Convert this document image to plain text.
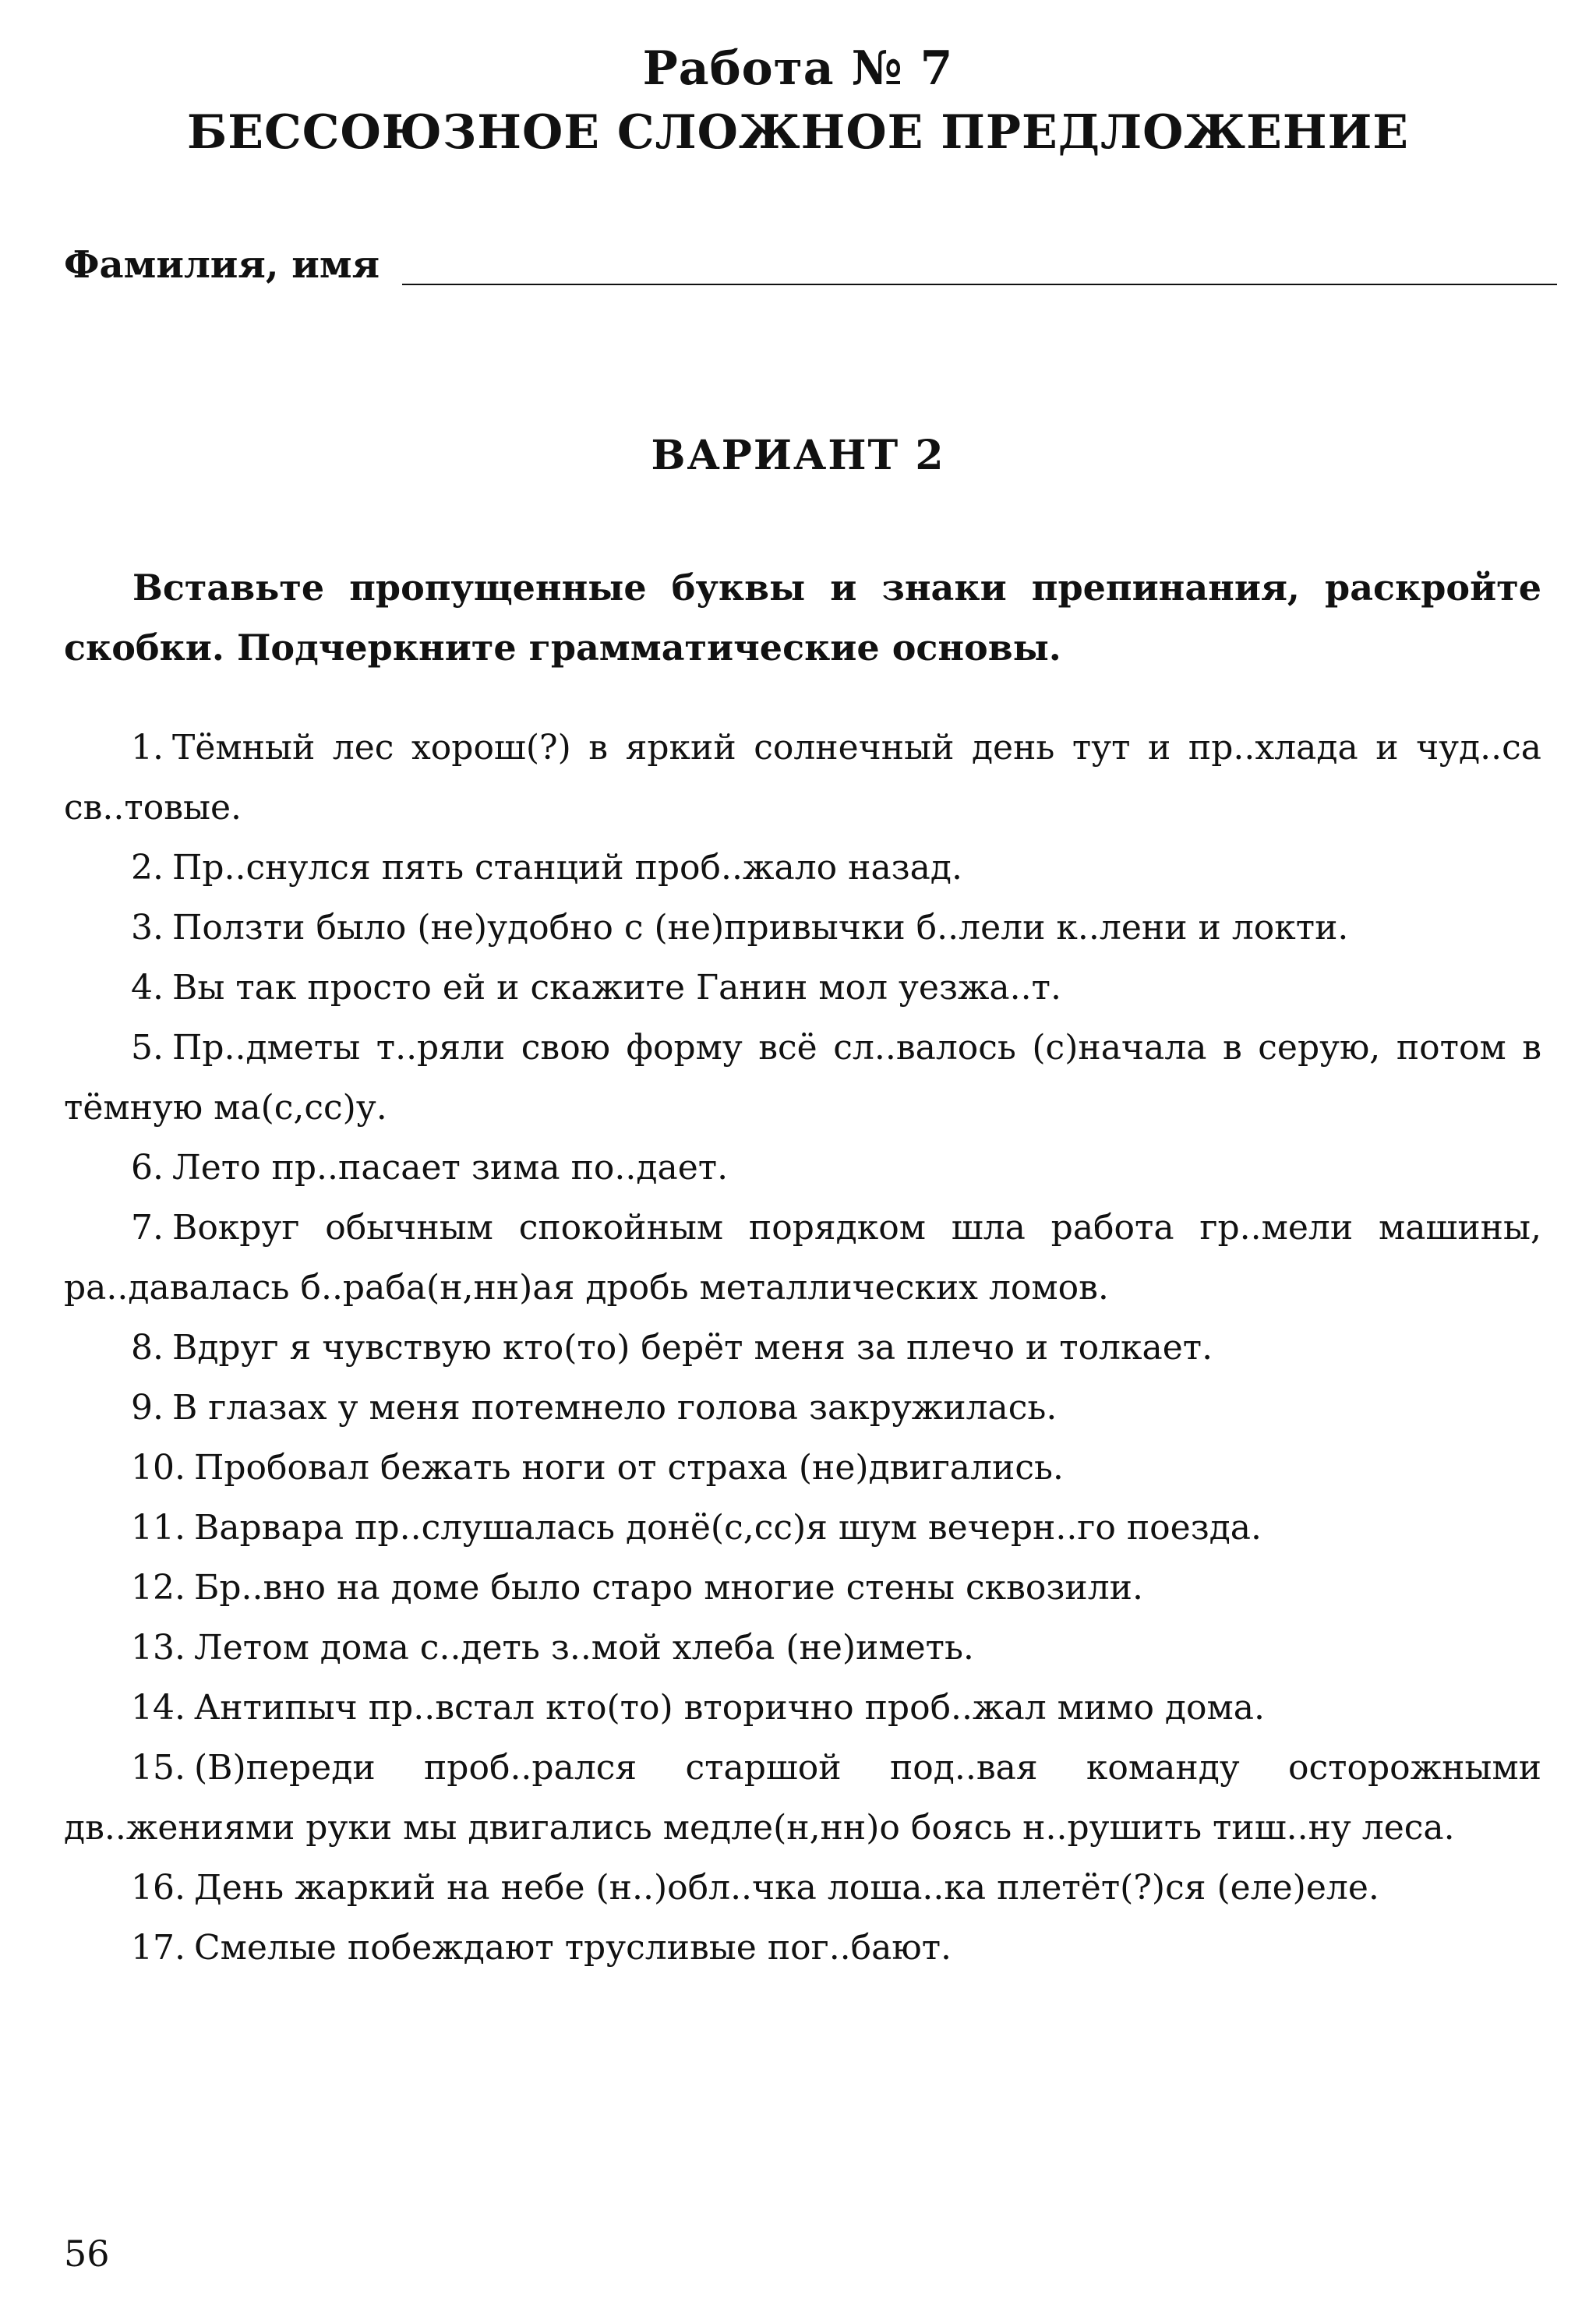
Работа № 7
БЕССОЮЗНОЕ СЛОЖНОЕ ПРЕДЛОЖЕНИЕ
Фамилия, имя
ВАРИАНТ 2
Вставьте пропущенные буквы и знаки препинания, раскройте скобки. Подчеркните грамматические основы.

1. Тёмный лес хорош(?) в яркий солнечный день тут и пр..хлада и чуд..са св..товые.

2. Пр..снулся пять станций проб..жало назад.

3. Ползти было (не)удобно с (не)привычки б..лели к..лени и локти.

4. Вы так просто ей и скажите Ганин мол уезжа..т.

5. Пр..дметы т..ряли свою форму всё сл..валось (с)начала в серую, потом в тёмную ма(с,сс)у.

6. Лето пр..пасает зима по..дает.

7. Вокруг обычным спокойным порядком шла работа гр..мели машины, ра..давалась б..раба(н,нн)ая дробь металлических ломов.

8. Вдруг я чувствую кто(то) берёт меня за плечо и толкает.

9. В глазах у меня потемнело голова закружилась.

10. Пробовал бежать ноги от страха (не)двигались.

11. Варвара пр..слушалась донё(с,сс)я шум вечерн..го поезда.

12. Бр..вно на доме было старо многие стены сквозили.

13. Летом дома с..деть з..мой хлеба (не)иметь.

14. Антипыч пр..встал кто(то) вторично проб..жал мимо дома.

15. (В)переди проб..рался старшой под..вая команду осторожными дв..жениями руки мы двигались медле(н,нн)о боясь н..рушить тиш..ну леса.

16. День жаркий на небе (н..)обл..чка лоша..ка плетёт(?)ся (еле)еле.

17. Смелые побеждают трусливые пог..бают.

56
